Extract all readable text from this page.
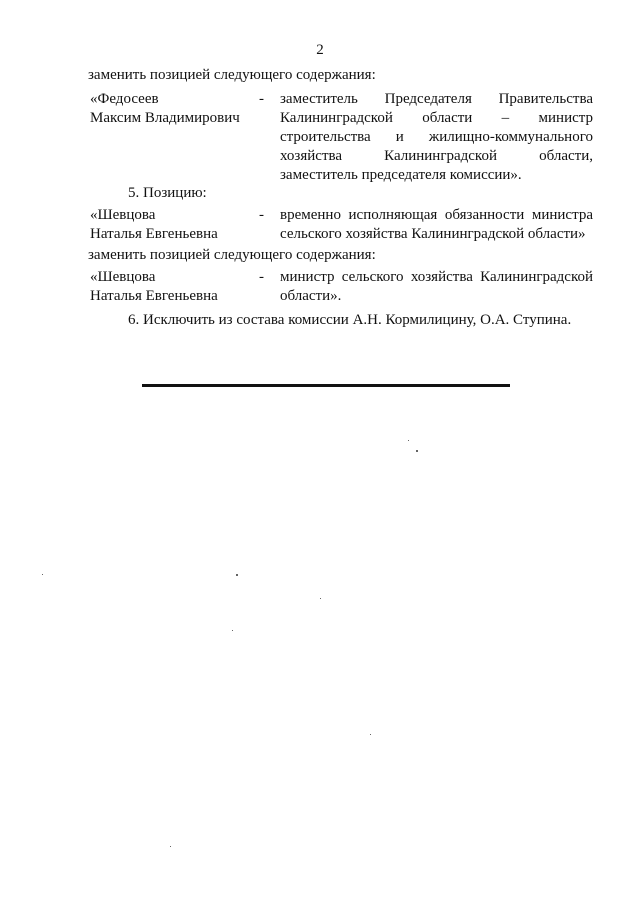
2
заменить позицией следующего содержания:
«Федосеев
Максим Владимирович
- заместитель Председателя Правительства
Калининградской области – министр
строительства и жилищно-коммунального
хозяйства Калининградской области,
заместитель председателя комиссии».
5. Позицию:
«Шевцова
Наталья Евгеньевна
- временно исполняющая обязанности министра
сельского хозяйства Калининградской области»
заменить позицией следующего содержания:
«Шевцова
Наталья Евгеньевна
- министр сельского хозяйства Калининградской
области».
6. Исключить из состава комиссии А.Н. Кормилицину, О.А. Ступина.
